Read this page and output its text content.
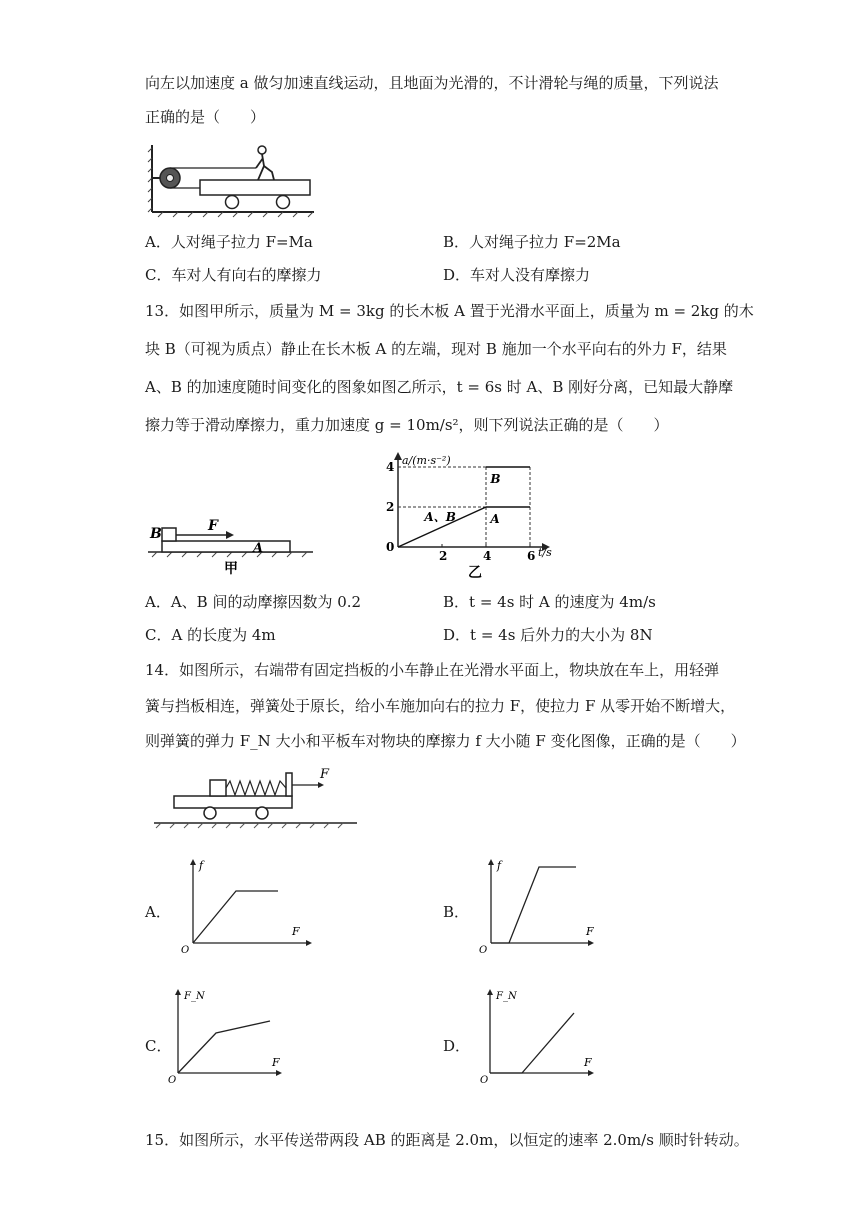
向左以加速度 a 做匀加速直线运动，且地面为光滑的，不计滑轮与绳的质量，下列说法
正确的是（　　）
A．人对绳子拉力 F=Ma	B．人对绳子拉力 F=2Ma
C．车对人有向右的摩擦力	D．车对人没有摩擦力
13．如图甲所示，质量为 M = 3kg 的长木板 A 置于光滑水平面上，质量为 m = 2kg 的木
块 B（可视为质点）静止在长木板 A 的左端，现对 B 施加一个水平向右的外力 F，结果
A、B 的加速度随时间变化的图象如图乙所示，t = 6s 时 A、B 刚好分离，已知最大静摩
擦力等于滑动摩擦力，重力加速度 g = 10m/s²，则下列说法正确的是（　　）
B	F
A
甲
a/(m·s⁻²)
t/s
乙
4
2
0
2	4	6
A、B
B
A
A．A、B 间的动摩擦因数为 0.2	B．t = 4s 时 A 的速度为 4m/s
C．A 的长度为 4m	D．t = 4s 后外力的大小为 8N
14．如图所示，右端带有固定挡板的小车静止在光滑水平面上，物块放在车上，用轻弹
簧与挡板相连，弹簧处于原长，给小车施加向右的拉力 F，使拉力 F 从零开始不断增大，
则弹簧的弹力 F_N 大小和平板车对物块的摩擦力 f 大小随 F 变化图像，正确的是（　　）
F
A．
f
F
O
B．
f
F
O
C．
F_N
F
O
D．
F_N
F
O
15．如图所示，水平传送带两段 AB 的距离是 2.0m，以恒定的速率 2.0m/s 顺时针转动。
